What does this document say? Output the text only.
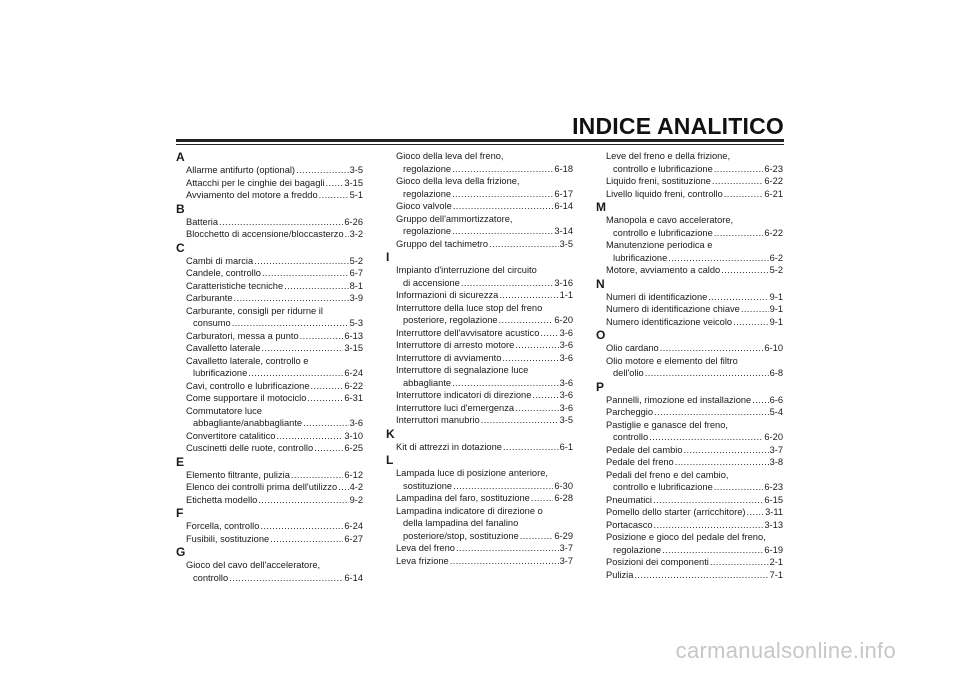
INDICE ANALITICO
A
Allarme antifurto (optional) .....	3-5
Attacchi per le cinghie dei bagagli ..... 3-15
Avviamento del motore a freddo .....	5-1
B
Batteria .....	6-26
Blocchetto di accensione/bloccasterzo ..... 3-2
C
Cambi di marcia .....	5-2
Candele, controllo .....	6-7
Caratteristiche tecniche .....	8-1
Carburante .....	3-9
Carburante, consigli per ridurne il
consumo .....	5-3
Carburatori, messa a punto .....	6-13
Cavalletto laterale .....	3-15
Cavalletto laterale, controllo e
lubrificazione .....	6-24
Cavi, controllo e lubrificazione .....	6-22
Come supportare il motociclo .....	6-31
Commutatore luce
abbagliante/anabbagliante .....	3-6
Convertitore catalitico .....	3-10
Cuscinetti delle ruote, controllo .....	6-25
E
Elemento filtrante, pulizia .....	6-12
Elenco dei controlli prima dell'utilizzo ..... 4-2
Etichetta modello .....	9-2
F
Forcella, controllo .....	6-24
Fusibili, sostituzione .....	6-27
G
Gioco del cavo dell'acceleratore,
controllo .....	6-14
Gioco della leva del freno,
regolazione .....	6-18
Gioco della leva della frizione,
regolazione .....	6-17
Gioco valvole .....	6-14
Gruppo dell'ammortizzatore,
regolazione .....	3-14
Gruppo del tachimetro .....	3-5
I
Impianto d'interruzione del circuito
di accensione .....	3-16
Informazioni di sicurezza .....	1-1
Interruttore della luce stop del freno
posteriore, regolazione .....	6-20
Interruttore dell'avvisatore acustico ..... 3-6
Interruttore di arresto motore .....	3-6
Interruttore di avviamento .....	3-6
Interruttore di segnalazione luce
abbagliante .....	3-6
Interruttore indicatori di direzione .....	3-6
Interruttore luci d'emergenza .....	3-6
Interruttori manubrio .....	3-5
K
Kit di attrezzi in dotazione .....	6-1
L
Lampada luce di posizione anteriore,
sostituzione .....	6-30
Lampadina del faro, sostituzione .....	6-28
Lampadina indicatore di direzione o
della lampadina del fanalino
posteriore/stop, sostituzione .....	6-29
Leva del freno .....	3-7
Leva frizione .....	3-7
Leve del freno e della frizione,
controllo e lubrificazione .....	6-23
Liquido freni, sostituzione .....	6-22
Livello liquido freni, controllo .....	6-21
M
Manopola e cavo acceleratore,
controllo e lubrificazione .....	6-22
Manutenzione periodica e
lubrificazione .....	6-2
Motore, avviamento a caldo .....	5-2
N
Numeri di identificazione .....	9-1
Numero di identificazione chiave .....	9-1
Numero identificazione veicolo .....	9-1
O
Olio cardano .....	6-10
Olio motore e elemento del filtro
dell'olio .....	6-8
P
Pannelli, rimozione ed installazione ..... 6-6
Parcheggio .....	5-4
Pastiglie e ganasce del freno,
controllo .....	6-20
Pedale del cambio .....	3-7
Pedale del freno .....	3-8
Pedali del freno e del cambio,
controllo e lubrificazione .....	6-23
Pneumatici .....	6-15
Pomello dello starter (arricchitore) ..... 3-11
Portacasco .....	3-13
Posizione e gioco del pedale del freno,
regolazione .....	6-19
Posizioni dei componenti .....	2-1
Pulizia .....	7-1
carmanualsonline.info
